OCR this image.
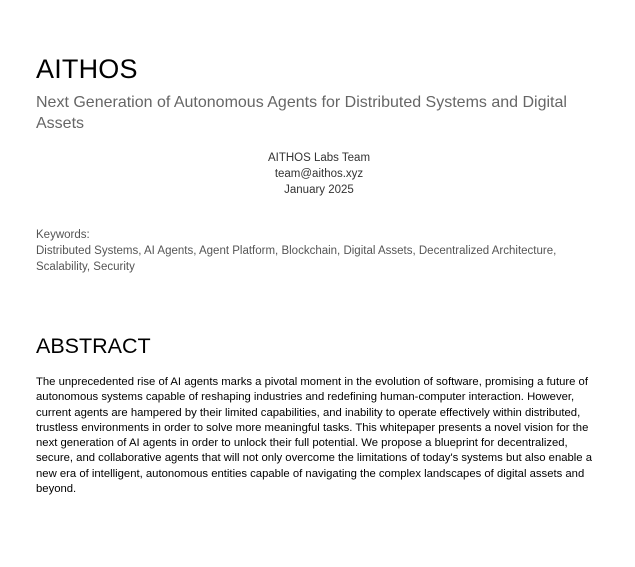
AITHOS
Next Generation of Autonomous Agents for Distributed Systems and Digital Assets
AITHOS Labs Team
team@aithos.xyz
January 2025
Keywords:
Distributed Systems, AI Agents, Agent Platform, Blockchain, Digital Assets, Decentralized Architecture, Scalability, Security
ABSTRACT
The unprecedented rise of AI agents marks a pivotal moment in the evolution of software, promising a future of autonomous systems capable of reshaping industries and redefining human-computer interaction. However, current agents are hampered by their limited capabilities, and inability to operate effectively within distributed, trustless environments in order to solve more meaningful tasks. This whitepaper presents a novel vision for the next generation of AI agents in order to unlock their full potential. We propose a blueprint for decentralized, secure, and collaborative agents that will not only overcome the limitations of today's systems but also enable a new era of intelligent, autonomous entities capable of navigating the complex landscapes of digital assets and beyond.
